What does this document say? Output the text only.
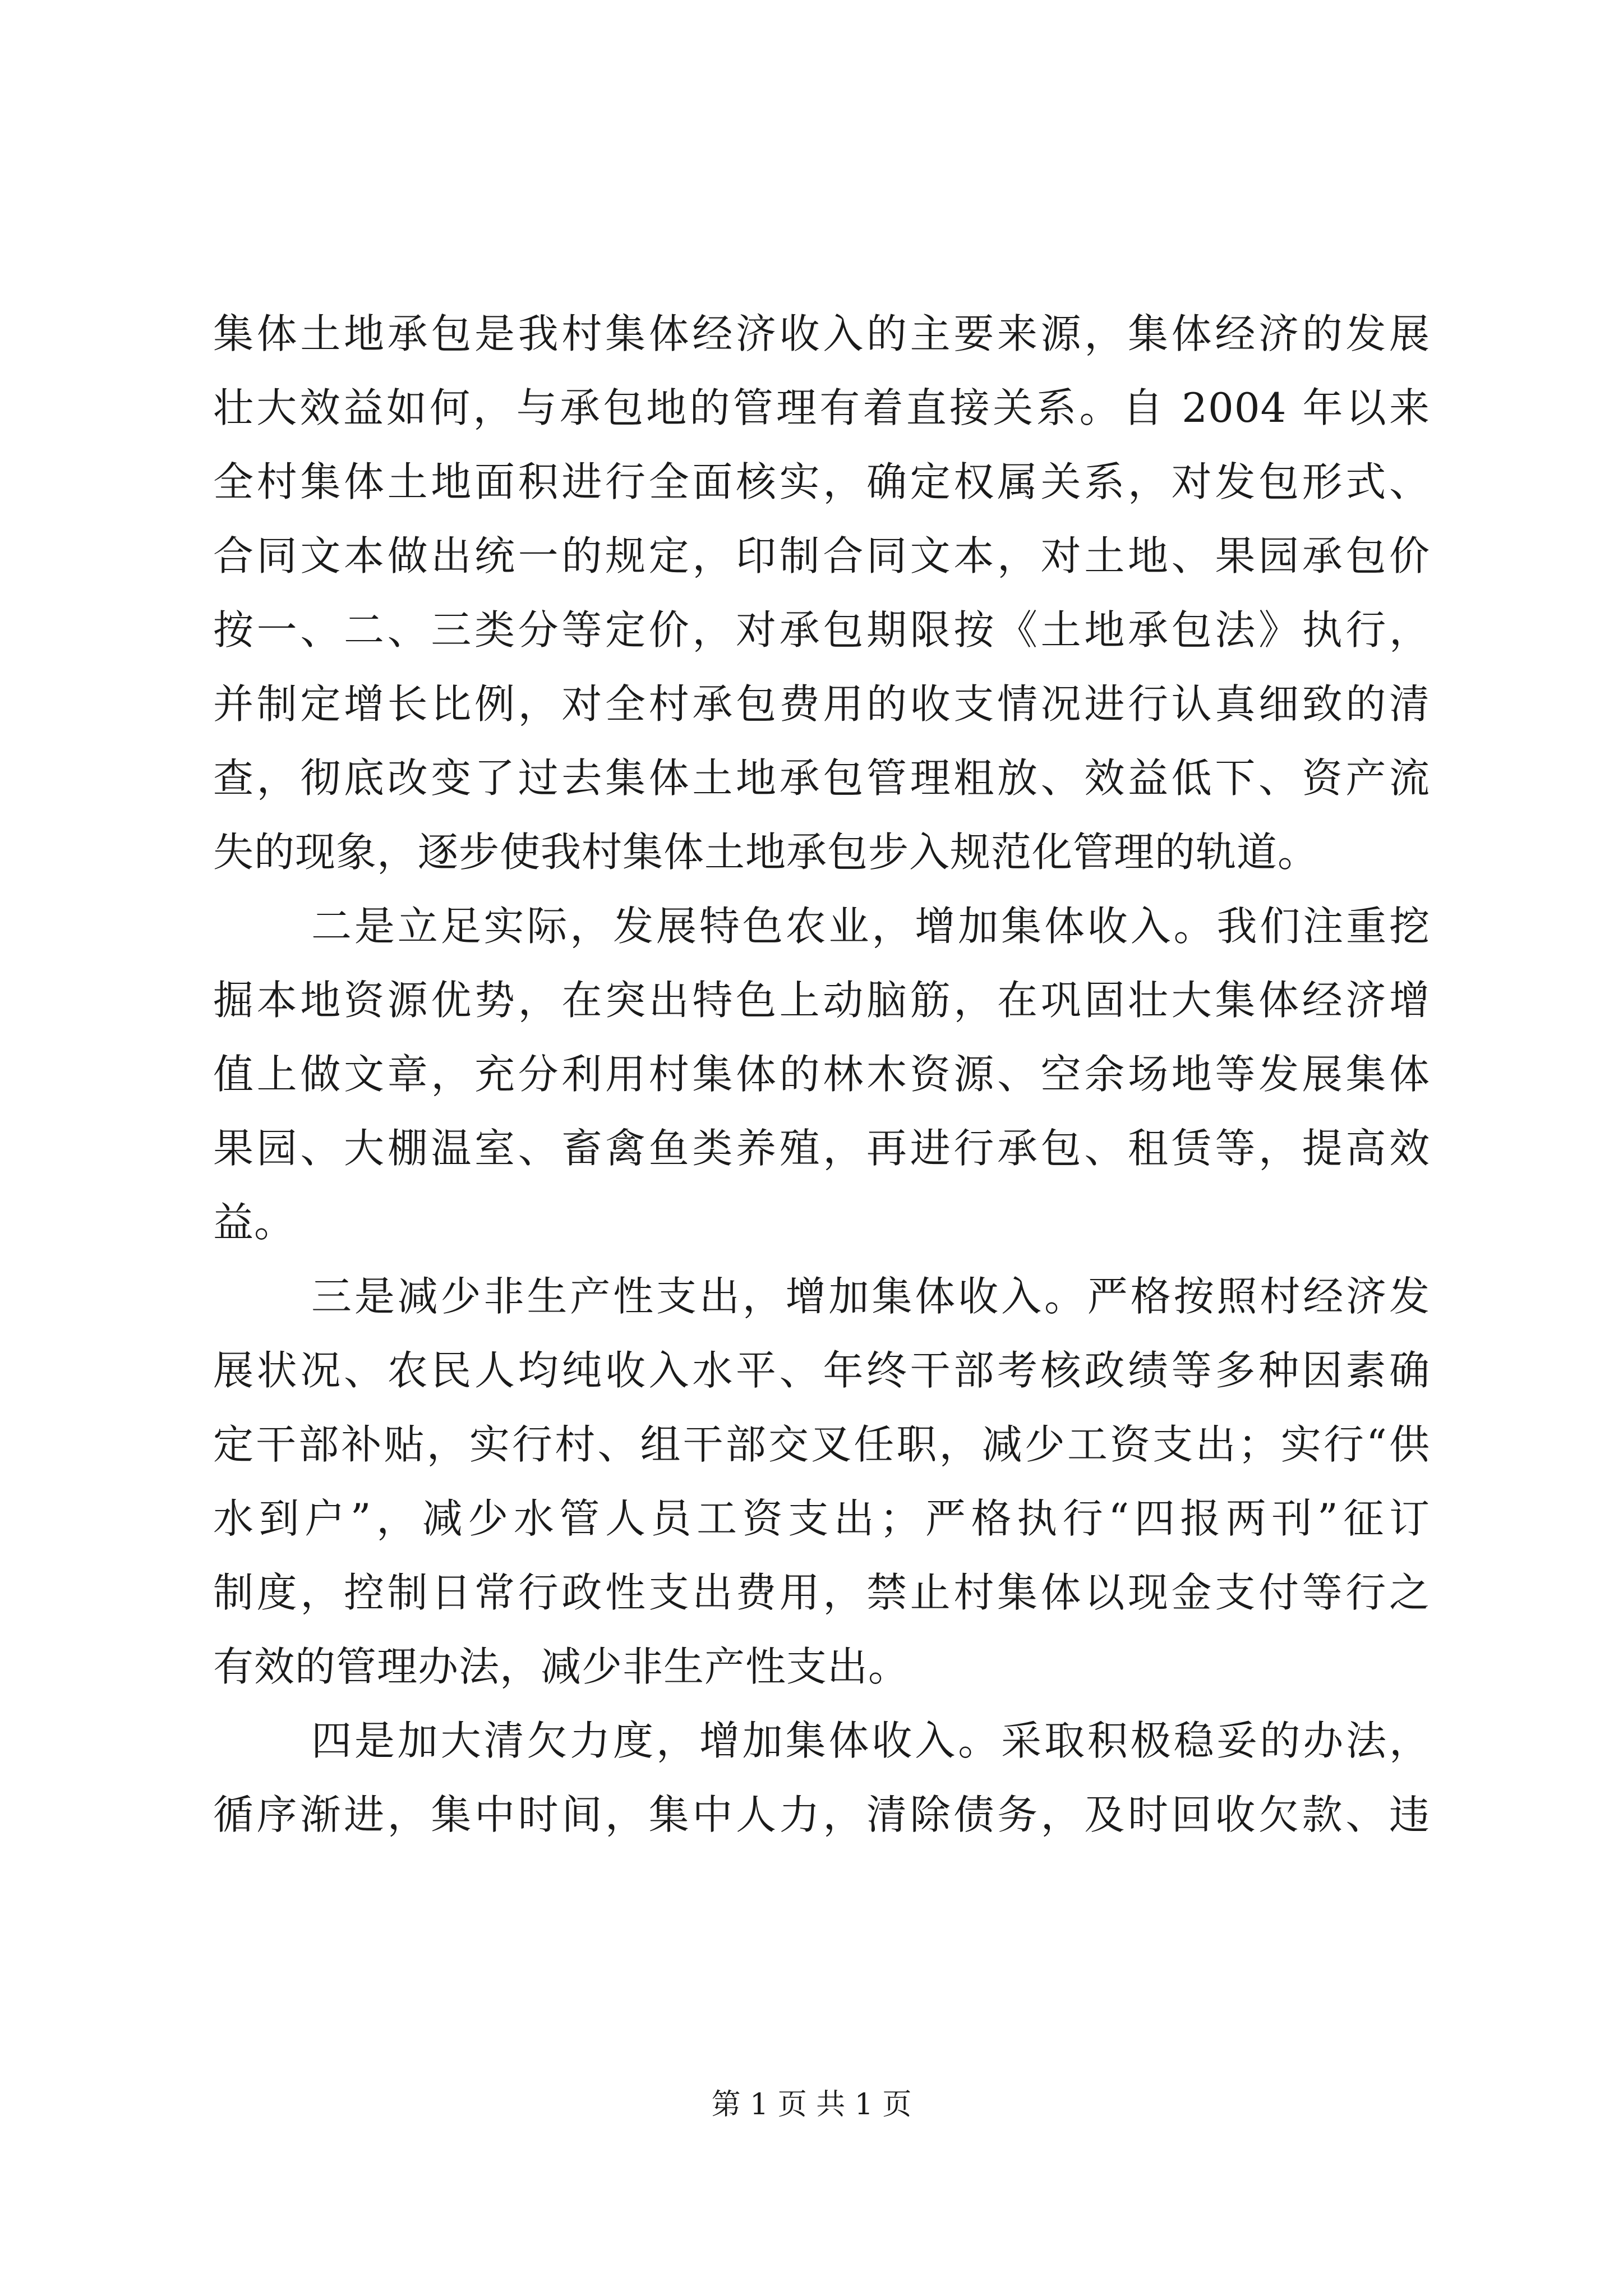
集体土地承包是我村集体经济收入的主要来源，集体经济的发展
壮大效益如何，与承包地的管理有着直接关系。自 2004 年以来
全村集体土地面积进行全面核实，确定权属关系，对发包形式、
合同文本做出统一的规定，印制合同文本，对土地、果园承包价
按一、二、三类分等定价，对承包期限按《土地承包法》执行，
并制定增长比例，对全村承包费用的收支情况进行认真细致的清
查，彻底改变了过去集体土地承包管理粗放、效益低下、资产流
失的现象，逐步使我村集体土地承包步入规范化管理的轨道。
二是立足实际，发展特色农业，增加集体收入。我们注重挖
掘本地资源优势，在突出特色上动脑筋，在巩固壮大集体经济增
值上做文章，充分利用村集体的林木资源、空余场地等发展集体
果园、大棚温室、畜禽鱼类养殖，再进行承包、租赁等，提高效
益。
三是减少非生产性支出，增加集体收入。严格按照村经济发
展状况、农民人均纯收入水平、年终干部考核政绩等多种因素确
定干部补贴，实行村、组干部交叉任职，减少工资支出；实行“供
水到户”，减少水管人员工资支出；严格执行“四报两刊”征订
制度，控制日常行政性支出费用，禁止村集体以现金支付等行之
有效的管理办法，减少非生产性支出。
四是加大清欠力度，增加集体收入。采取积极稳妥的办法，
循序渐进，集中时间，集中人力，清除债务，及时回收欠款、违
第 1 页 共 1 页
